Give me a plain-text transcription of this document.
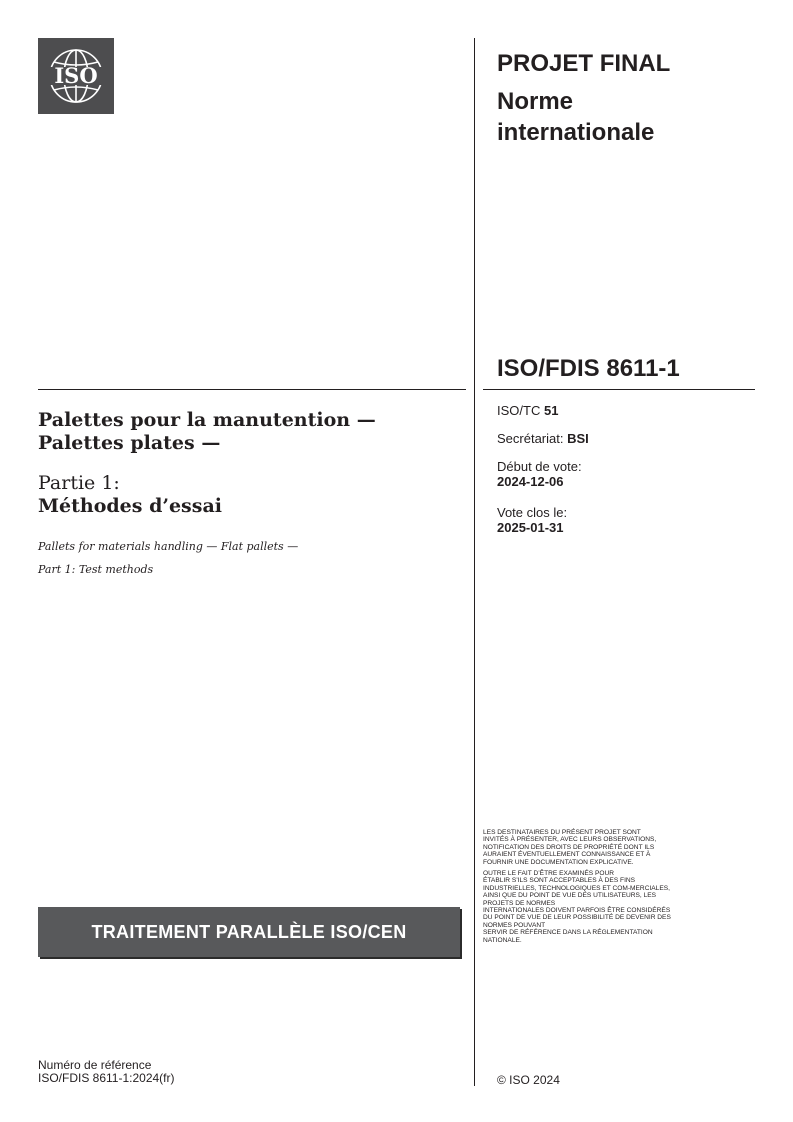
ISO	PROJET FINAL
Norme internationale
ISO/FDIS 8611-1
ISO/TC 51
Secrétariat: BSI
Début de vote:
2024-12-06
Vote clos le:
2025-01-31
Palettes pour la manutention — Palettes plates —
Partie 1:
Méthodes d’essai
Pallets for materials handling — Flat pallets —
Part 1: Test methods
TRAITEMENT PARALLÈLE ISO/CEN

LES DESTINATAIRES DU PRÉSENT PROJET SONT
INVITÉS À PRÉSENTER, AVEC LEURS OBSERVATIONS,
NOTIFICATION DES DROITS DE PROPRIÉTÉ DONT ILS
AURAIENT ÉVENTUELLEMENT CONNAISSANCE ET À
FOURNIR UNE DOCUMENTATION EXPLICATIVE.

OUTRE LE FAIT D’ÊTRE EXAMINÉS POUR
ÉTABLIR S’ILS SONT ACCEPTABLES À DES FINS
INDUSTRIELLES, TECHNOLOGIQUES ET COM-MERCIALES,
AINSI QUE DU POINT DE VUE DES UTILISATEURS, LES
PROJETS DE NORMES
INTERNATIONALES DOIVENT PARFOIS ÊTRE CONSIDÉRÉS
DU POINT DE VUE DE LEUR POSSIBILITÉ DE DEVENIR DES
NORMES POUVANT
SERVIR DE RÉFÉRENCE DANS LA RÉGLEMENTATION
NATIONALE.

Numéro de référence
ISO/FDIS 8611-1:2024(fr)	© ISO 2024
